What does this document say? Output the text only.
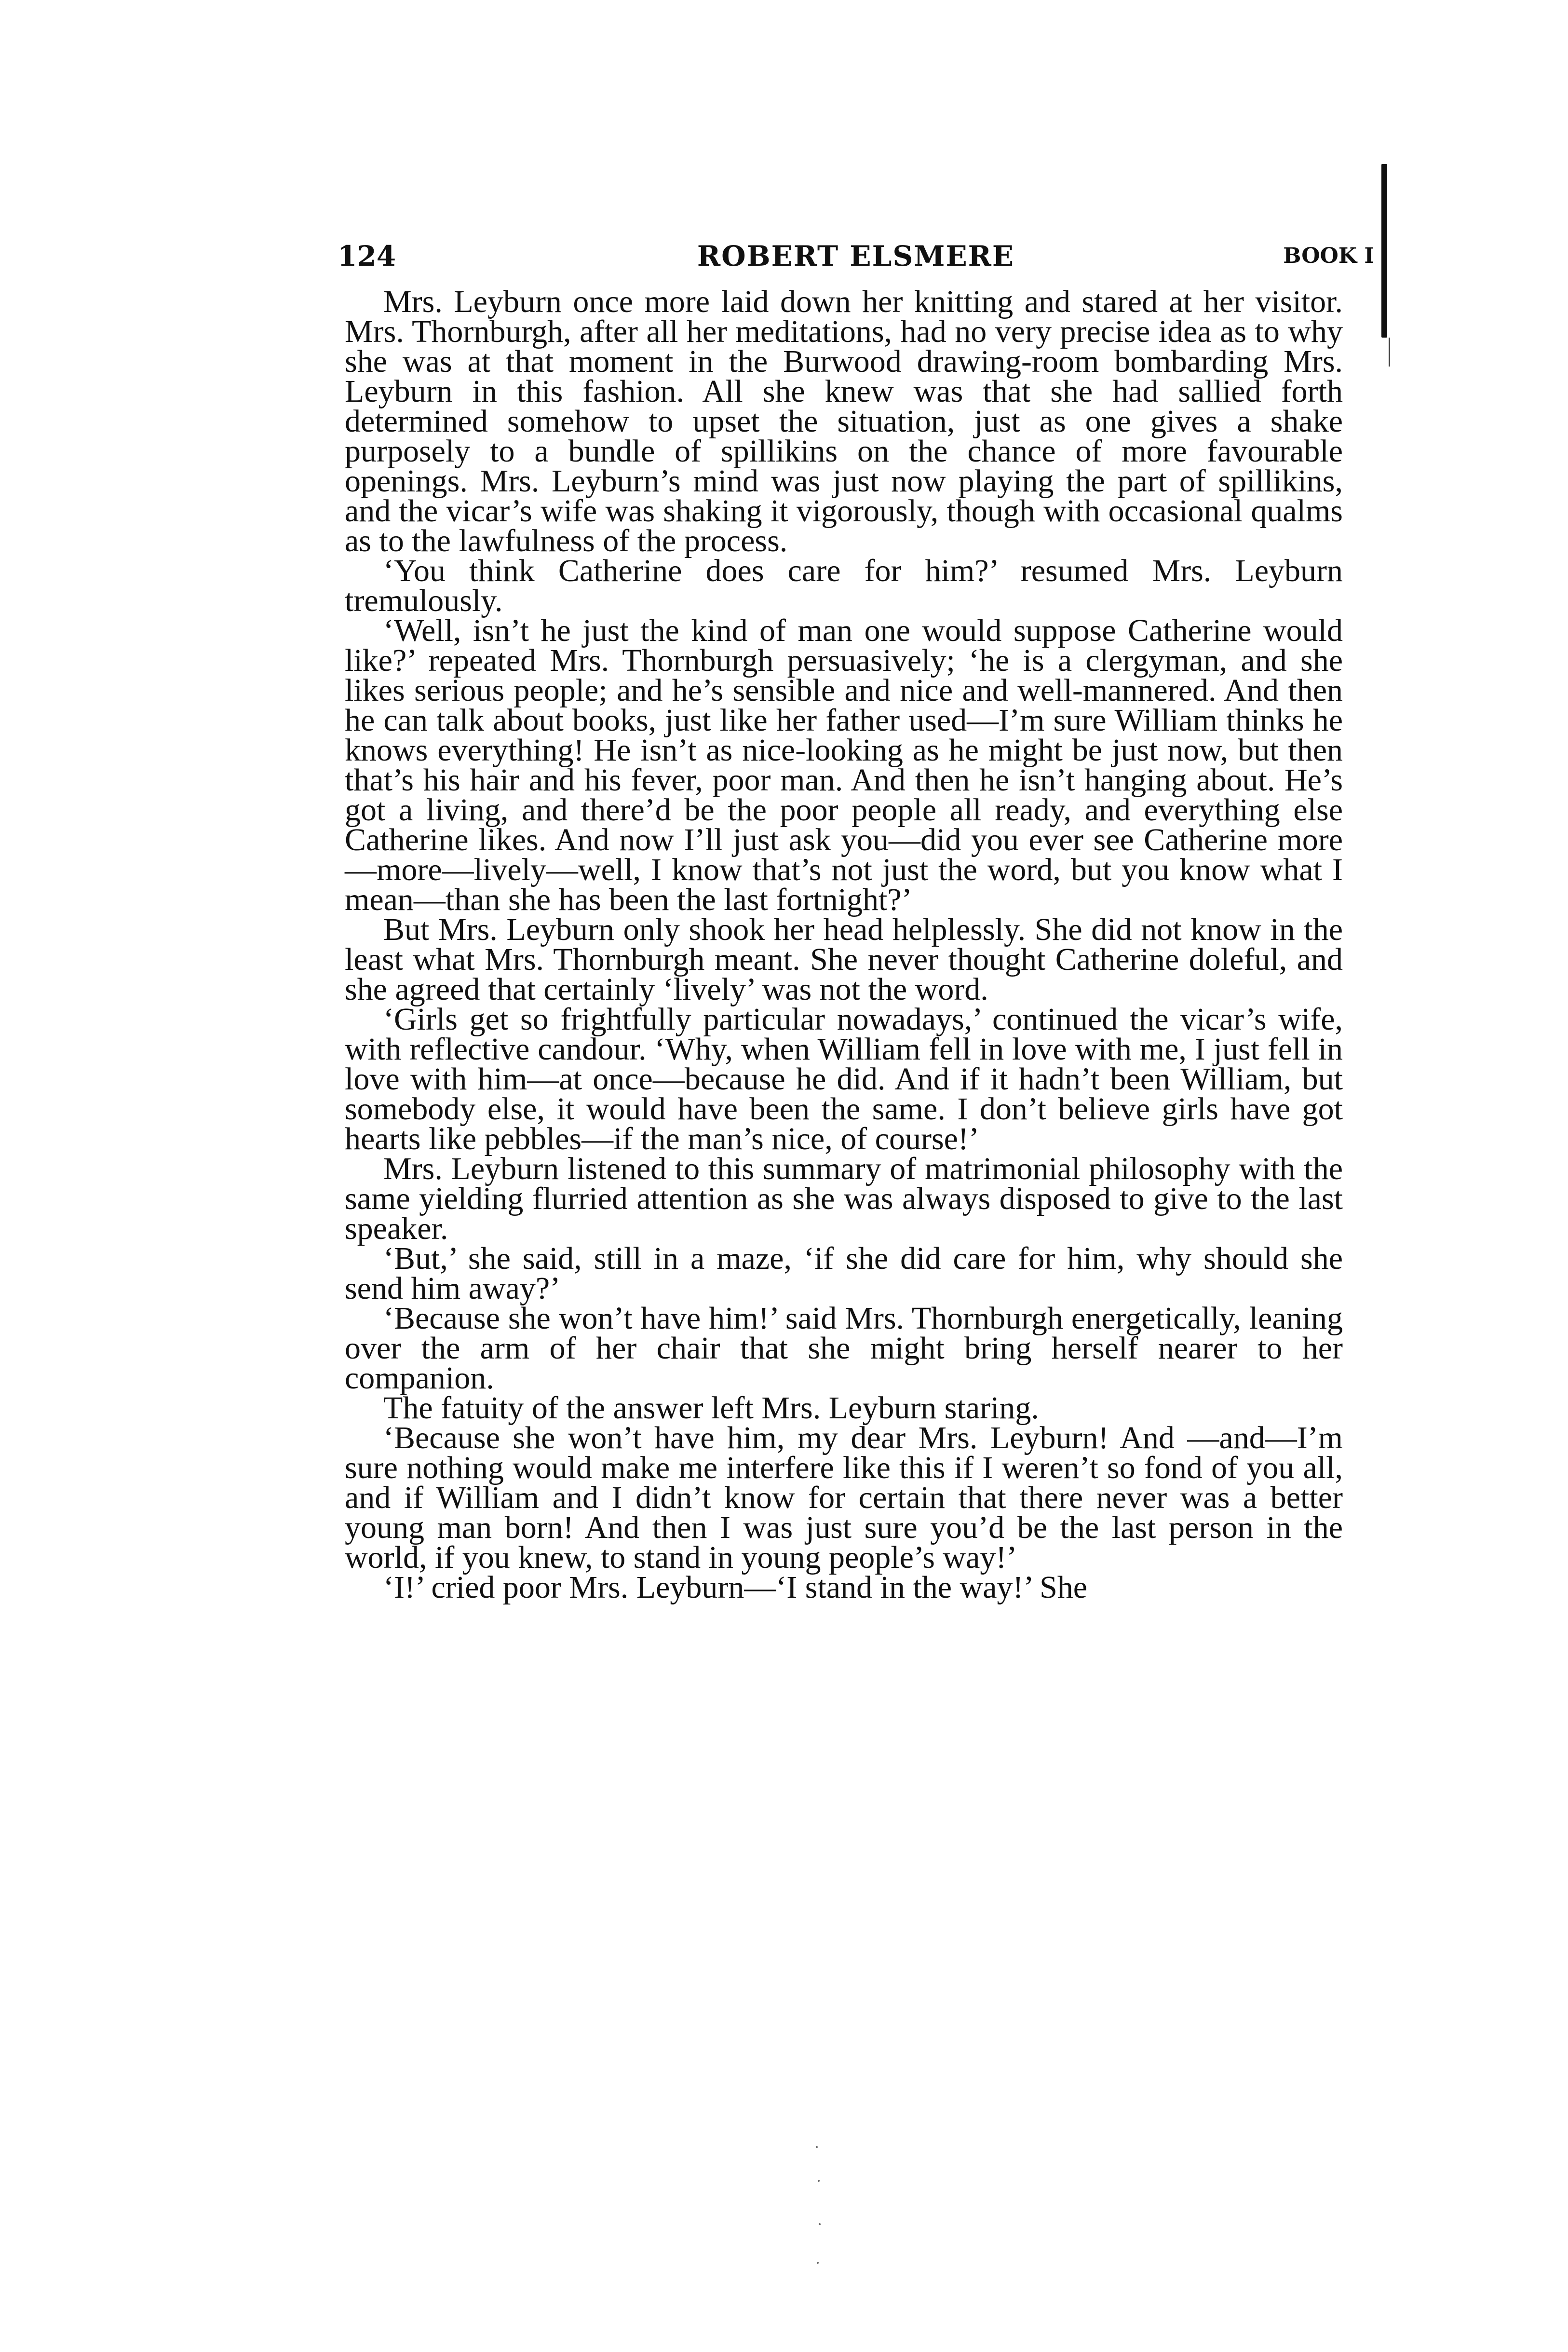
124	ROBERT ELSMERE	BOOK I

Mrs. Leyburn once more laid down her knitting and stared at her visitor. Mrs. Thornburgh, after all her meditations, had no very precise idea as to why she was at that moment in the Burwood drawing-room bombarding Mrs. Leyburn in this fashion. All she knew was that she had sallied forth determined somehow to upset the situation, just as one gives a shake purposely to a bundle of spillikins on the chance of more favourable openings. Mrs. Leyburn’s mind was just now playing the part of spillikins, and the vicar’s wife was shaking it vigorously, though with occasional qualms as to the lawfulness of the process.

‘You think Catherine does care for him?’ resumed Mrs. Leyburn tremulously.

‘Well, isn’t he just the kind of man one would suppose Catherine would like?’ repeated Mrs. Thornburgh persuasively; ‘he is a clergyman, and she likes serious people; and he’s sensible and nice and well-mannered. And then he can talk about books, just like her father used—I’m sure William thinks he knows everything! He isn’t as nice-looking as he might be just now, but then that’s his hair and his fever, poor man. And then he isn’t hanging about. He’s got a living, and there’d be the poor people all ready, and everything else Catherine likes. And now I’ll just ask you—did you ever see Catherine more—more—lively—well, I know that’s not just the word, but you know what I mean—than she has been the last fortnight?’

But Mrs. Leyburn only shook her head helplessly. She did not know in the least what Mrs. Thornburgh meant. She never thought Catherine doleful, and she agreed that certainly ‘lively’ was not the word.

‘Girls get so frightfully particular nowadays,’ continued the vicar’s wife, with reflective candour. ‘Why, when William fell in love with me, I just fell in love with him—at once—because he did. And if it hadn’t been William, but somebody else, it would have been the same. I don’t believe girls have got hearts like pebbles—if the man’s nice, of course!’

Mrs. Leyburn listened to this summary of matrimonial philosophy with the same yielding flurried attention as she was always disposed to give to the last speaker.

‘But,’ she said, still in a maze, ‘if she did care for him, why should she send him away?’

‘Because she won’t have him!’ said Mrs. Thornburgh energetically, leaning over the arm of her chair that she might bring herself nearer to her companion.

The fatuity of the answer left Mrs. Leyburn staring.

‘Because she won’t have him, my dear Mrs. Leyburn! And —and—I’m sure nothing would make me interfere like this if I weren’t so fond of you all, and if William and I didn’t know for certain that there never was a better young man born! And then I was just sure you’d be the last person in the world, if you knew, to stand in young people’s way!’

‘I!’ cried poor Mrs. Leyburn—‘I stand in the way!’ She
